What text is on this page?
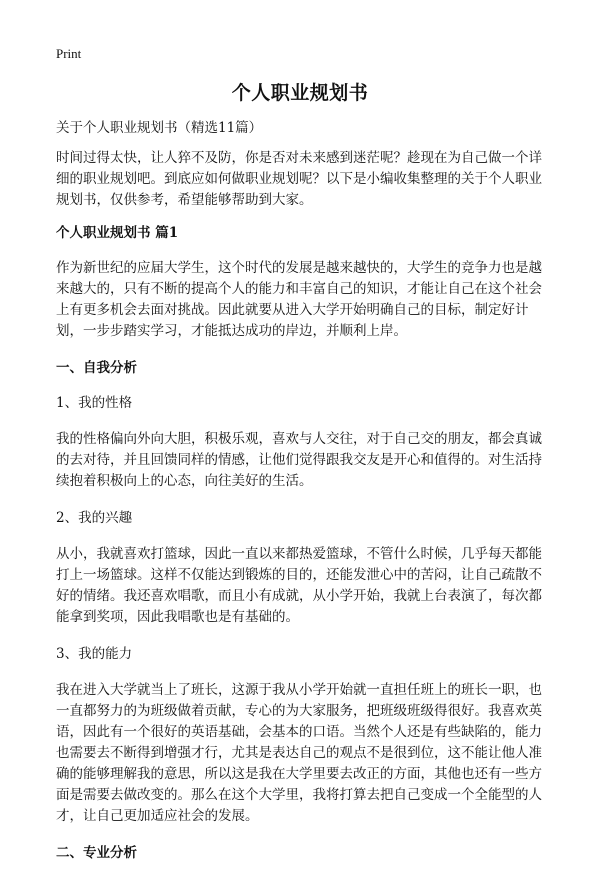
Print
个人职业规划书

关于个人职业规划书（精选11篇）

时间过得太快，让人猝不及防，你是否对未来感到迷茫呢？趁现在为自己做一个详细的职业规划吧。到底应如何做职业规划呢？以下是小编收集整理的关于个人职业规划书，仅供参考，希望能够帮助到大家。

个人职业规划书 篇1

作为新世纪的应届大学生，这个时代的发展是越来越快的，大学生的竞争力也是越来越大的，只有不断的提高个人的能力和丰富自己的知识，才能让自己在这个社会上有更多机会去面对挑战。因此就要从进入大学开始明确自己的目标，制定好计划，一步步踏实学习，才能抵达成功的岸边，并顺利上岸。

一、自我分析

1、我的性格

我的性格偏向外向大胆，积极乐观，喜欢与人交往，对于自己交的朋友，都会真诚的去对待，并且回馈同样的情感，让他们觉得跟我交友是开心和值得的。对生活持续抱着积极向上的心态，向往美好的生活。

2、我的兴趣

从小，我就喜欢打篮球，因此一直以来都热爱篮球，不管什么时候，几乎每天都能打上一场篮球。这样不仅能达到锻炼的目的，还能发泄心中的苦闷，让自己疏散不好的情绪。我还喜欢唱歌，而且小有成就，从小学开始，我就上台表演了，每次都能拿到奖项，因此我唱歌也是有基础的。

3、我的能力

我在进入大学就当上了班长，这源于我从小学开始就一直担任班上的班长一职，也一直都努力的为班级做着贡献，专心的为大家服务，把班级班级得很好。我喜欢英语，因此有一个很好的英语基础，会基本的口语。当然个人还是有些缺陷的，能力也需要去不断得到增强才行，尤其是表达自己的观点不是很到位，这不能让他人准确的能够理解我的意思，所以这是我在大学里要去改正的方面，其他也还有一些方面是需要去做改变的。那么在这个大学里，我将打算去把自己变成一个全能型的人才，让自己更加适应社会的发展。

二、专业分析
